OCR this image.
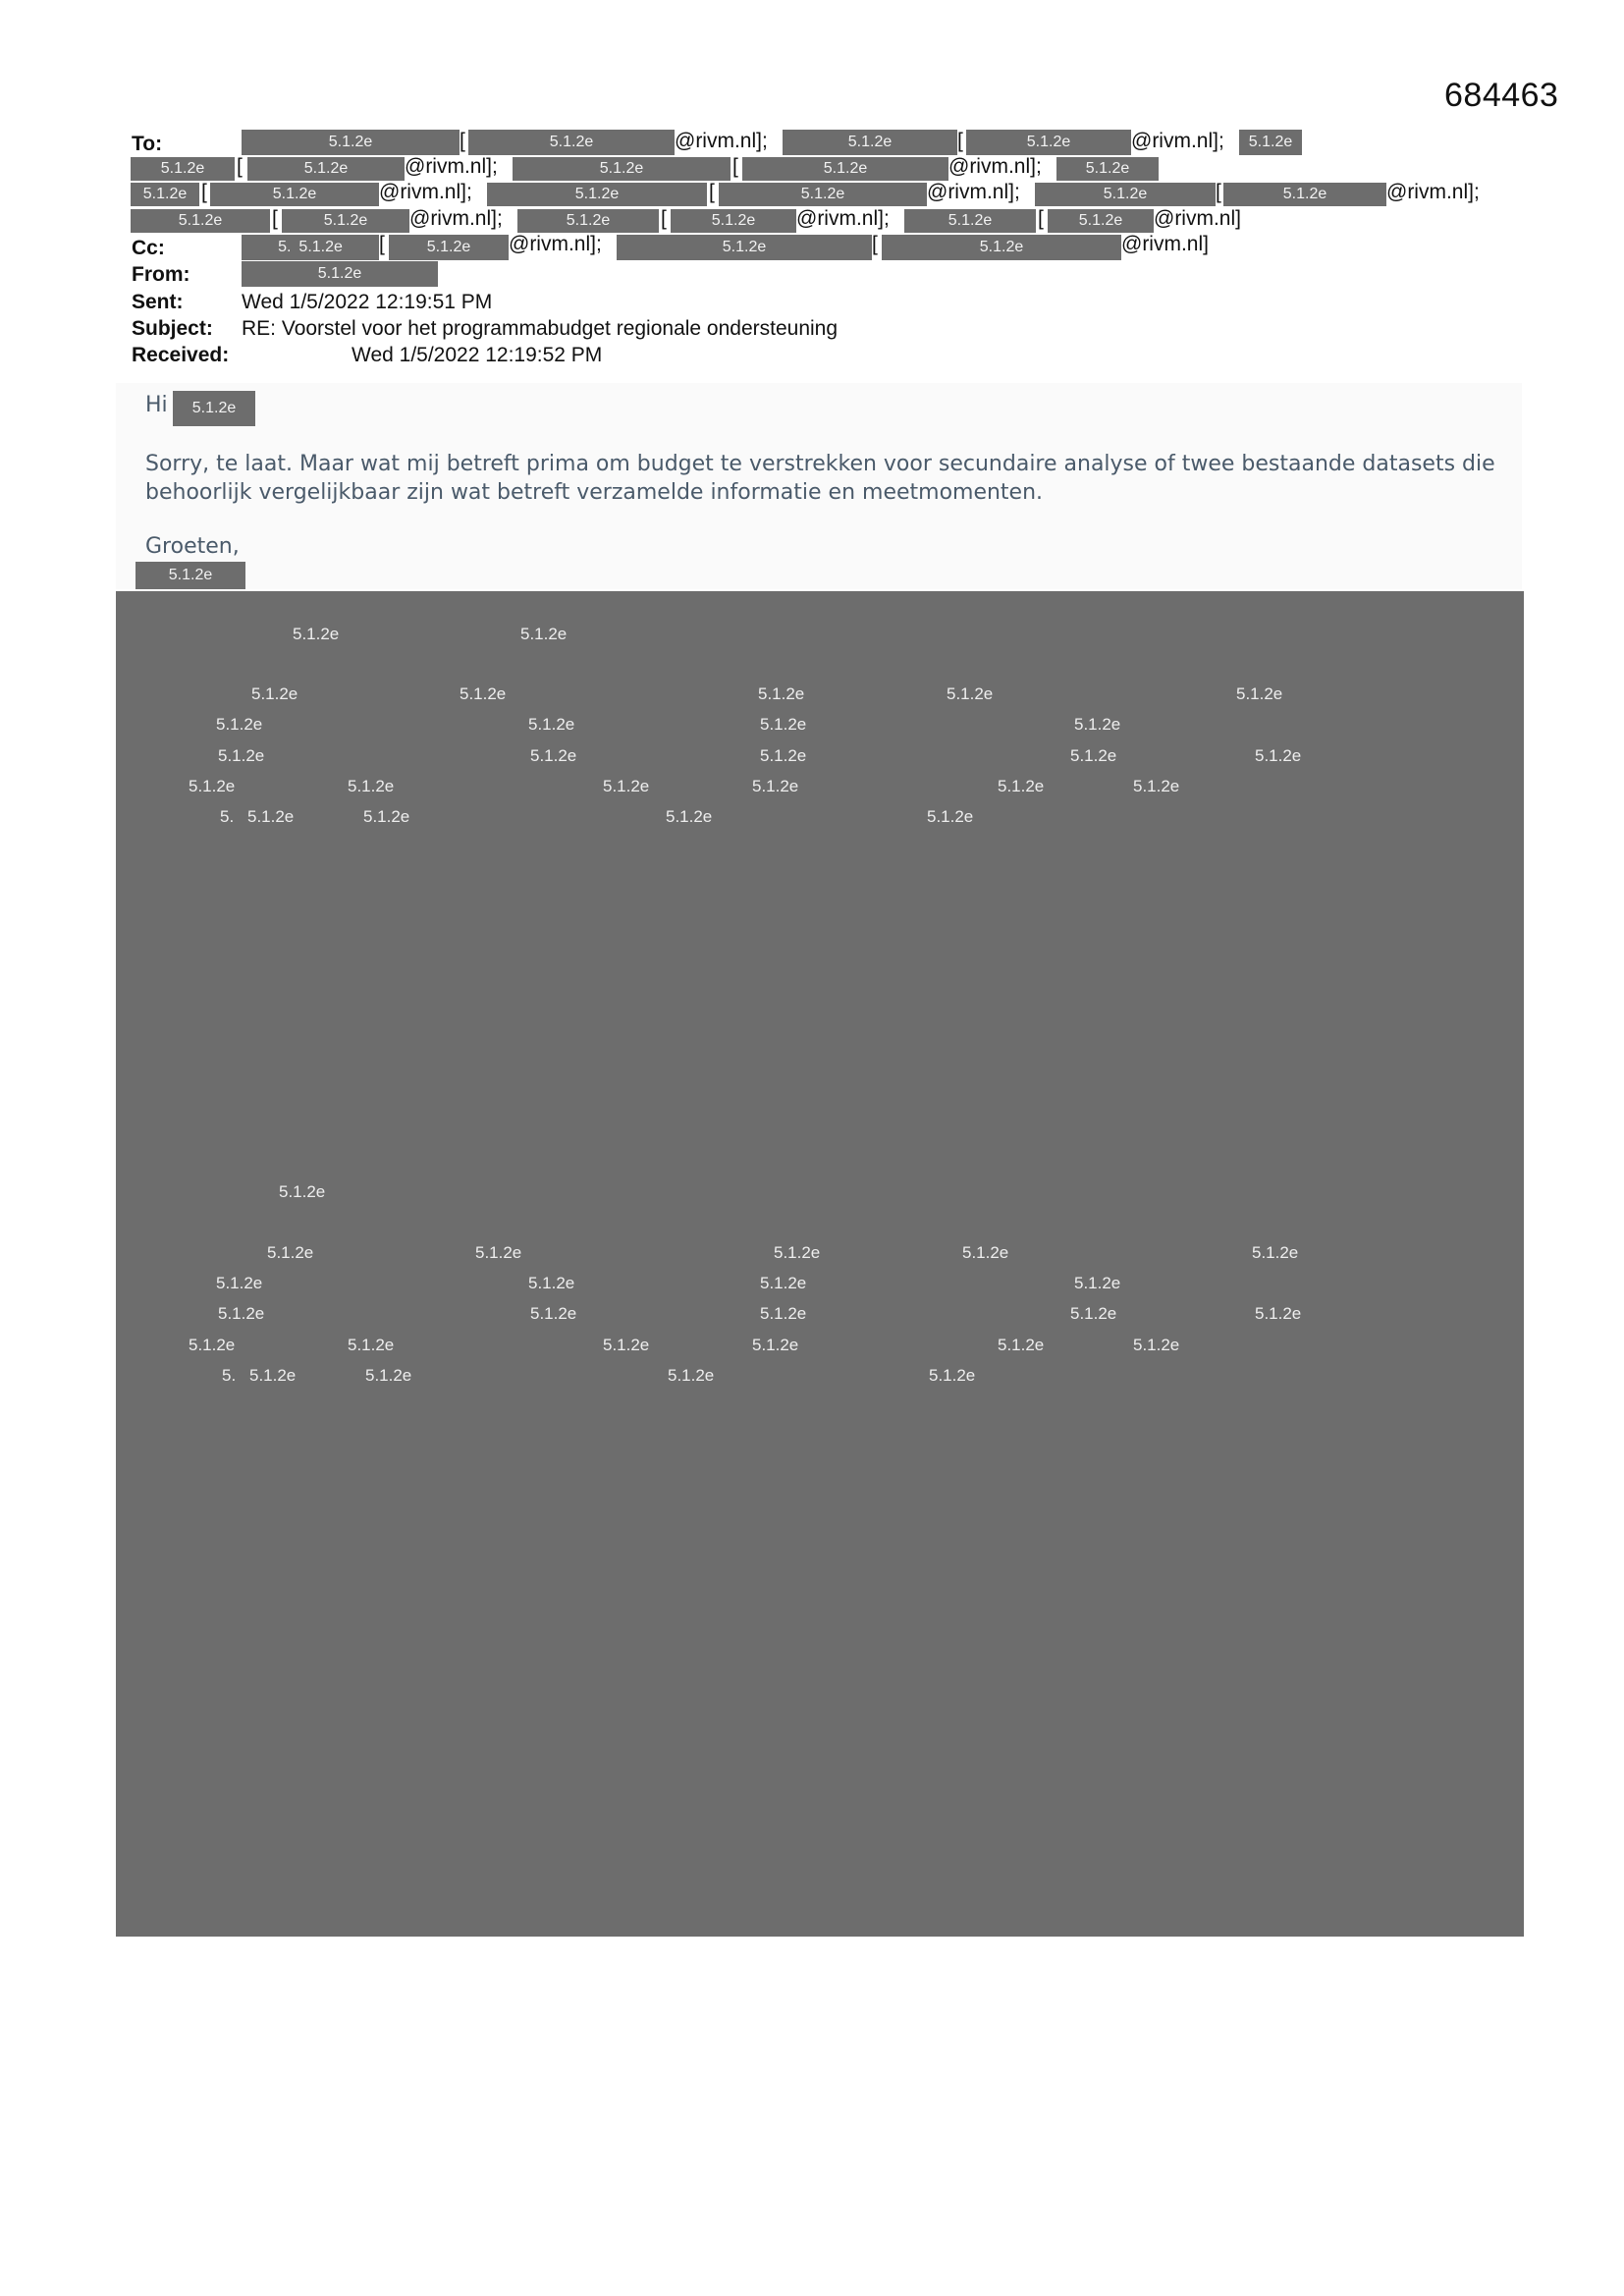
684463
To:	5.1.2e	[	5.1.2e	@rivm.nl];	5.1.2e	[	5.1.2e	@rivm.nl];	5.1.2e
5.1.2e	[	5.1.2e	@rivm.nl];	5.1.2e	[	5.1.2e	@rivm.nl];	5.1.2e
5.1.2e [	5.1.2e	@rivm.nl];	5.1.2e	[	5.1.2e	@rivm.nl];	5.1.2e	[	5.1.2e	@rivm.nl];
5.1.2e	[	5.1.2e	@rivm.nl];	5.1.2e	[	5.1.2e	@rivm.nl];	5.1.2e	[	5.1.2e	@rivm.nl]
Cc:	5. 5.1.2e [	5.1.2e	@rivm.nl];	5.1.2e	[	5.1.2e	@rivm.nl]
From:	5.1.2e
Sent:	Wed 1/5/2022 12:19:51 PM
Subject: RE: Voorstel voor het programmabudget regionale ondersteuning
Received:	Wed 1/5/2022 12:19:52 PM
Hi	5.1.2e
Sorry, te laat. Maar wat mij betreft prima om budget te verstrekken voor secundaire analyse of twee bestaande datasets die behoorlijk vergelijkbaar zijn wat betreft verzamelde informatie en meetmomenten.
Groeten,
5.1.2e
5.1.2e	5.1.2e
5.1.2e	5.1.2e	5.1.2e	5.1.2e	5.1.2e
5.1.2e	5.1.2e	5.1.2e	5.1.2e
5.1.2e	5.1.2e	5.1.2e	5.1.2e	5.1.2e
5.1.2e	5.1.2e	5.1.2e	5.1.2e	5.1.2e	5.1.2e
5. 5.1.2e	5.1.2e	5.1.2e	5.1.2e
5.1.2e
5.1.2e	5.1.2e	5.1.2e	5.1.2e	5.1.2e
5.1.2e	5.1.2e	5.1.2e	5.1.2e
5.1.2e	5.1.2e	5.1.2e	5.1.2e	5.1.2e
5.1.2e	5.1.2e	5.1.2e	5.1.2e	5.1.2e	5.1.2e
5. 5.1.2e	5.1.2e	5.1.2e	5.1.2e
